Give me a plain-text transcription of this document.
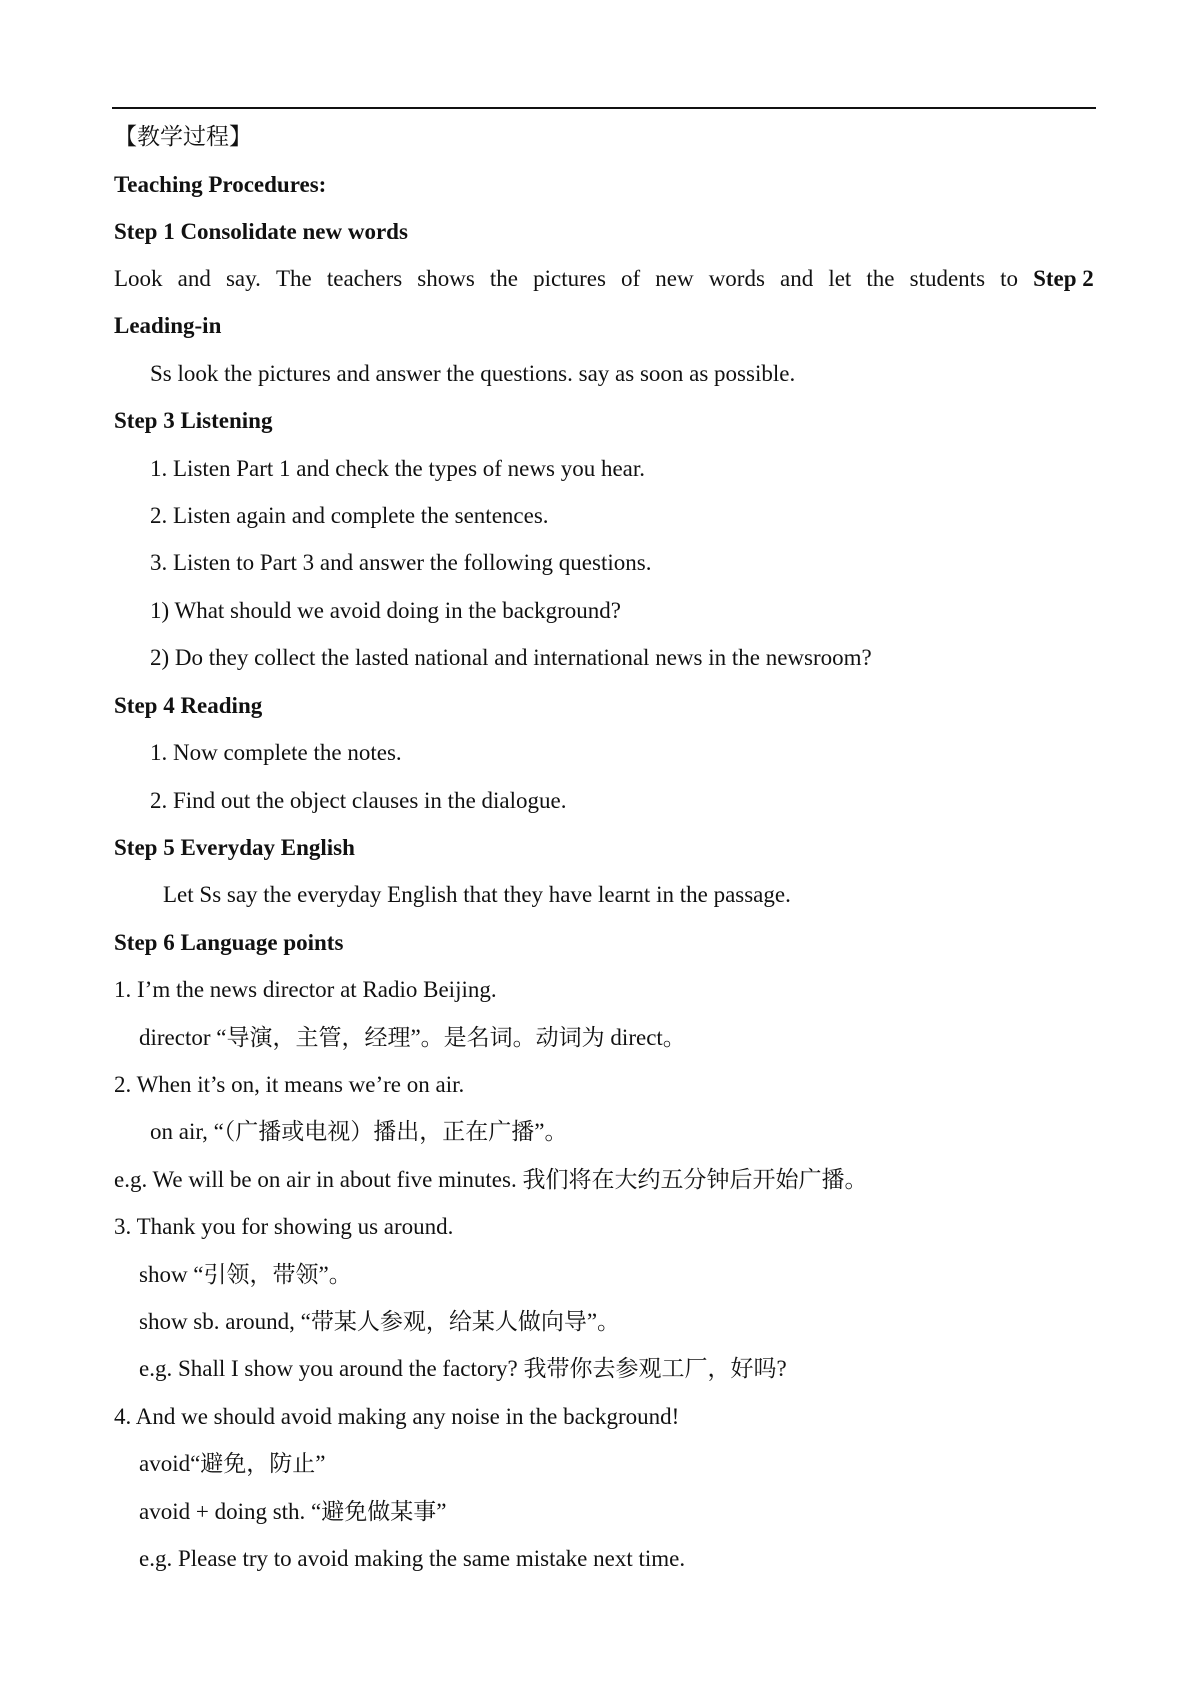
【教学过程】
Teaching Procedures:
Step 1 Consolidate new words
Look and say. The teachers shows the pictures of new words and let the students to Step 2
Leading-in
Ss look the pictures and answer the questions. say as soon as possible.
Step 3 Listening
1. Listen Part 1 and check the types of news you hear.
2. Listen again and complete the sentences.
3. Listen to Part 3 and answer the following questions.
1) What should we avoid doing in the background?
2) Do they collect the lasted national and international news in the newsroom?
Step 4 Reading
1. Now complete the notes.
2. Find out the object clauses in the dialogue.
Step 5 Everyday English
Let Ss say the everyday English that they have learnt in the passage.
Step 6 Language points
1. I’m the news director at Radio Beijing.
director “导演，主管，经理”。是名词。动词为 direct。
2. When it’s on, it means we’re on air.
on air, “（广播或电视）播出，正在广播”。
e.g. We will be on air in about five minutes. 我们将在大约五分钟后开始广播。
3. Thank you for showing us around.
show “引领，带领”。
show sb. around, “带某人参观，给某人做向导”。
e.g. Shall I show you around the factory? 我带你去参观工厂，好吗?
4. And we should avoid making any noise in the background!
avoid“避免，防止”
avoid + doing sth. “避免做某事”
e.g. Please try to avoid making the same mistake next time.
